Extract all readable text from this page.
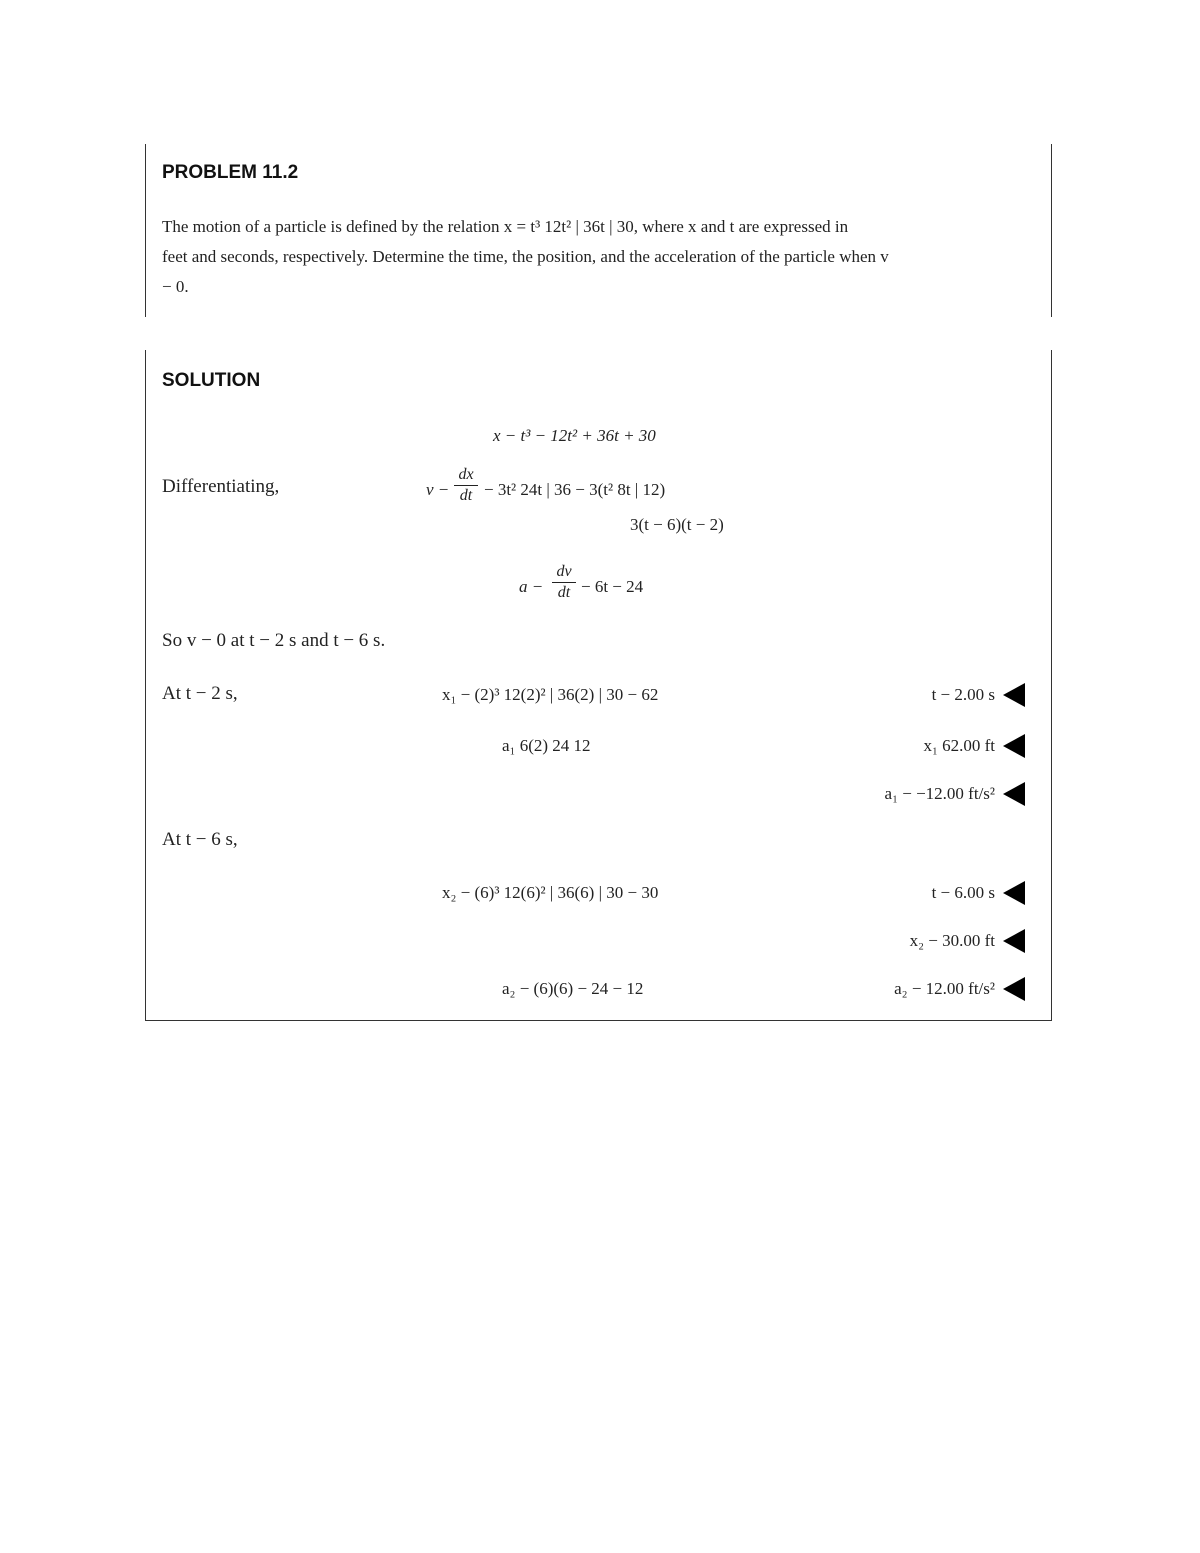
PROBLEM 11.2
The motion of a particle is defined by the relation x = t³ 12t² | 36t | 30, where x and t are expressed in
feet and seconds, respectively. Determine the time, the position, and the acceleration of the particle when v
− 0.
SOLUTION
x − t³ − 12t² + 36t + 30
Differentiating,	v −
dx
dt − 3t² 24t | 36 − 3(t² 8t | 12)
3(t − 6)(t − 2)
a −
dv
dt − 6t − 24
So v − 0 at t − 2 s and t − 6 s.
At t − 2 s,	x₁ − (2)³ 12(2)² | 36(2) | 30 − 62	t − 2.00 s
a₁ 6(2) 24 12	x₁ 62.00 ft
a₁ − −12.00 ft/s²
At t − 6 s,
x₂ − (6)³ 12(6)² | 36(6) | 30 − 30	t − 6.00 s
x₂ − 30.00 ft
a₂ − (6)(6) − 24 − 12	a₂ − 12.00 ft/s²
